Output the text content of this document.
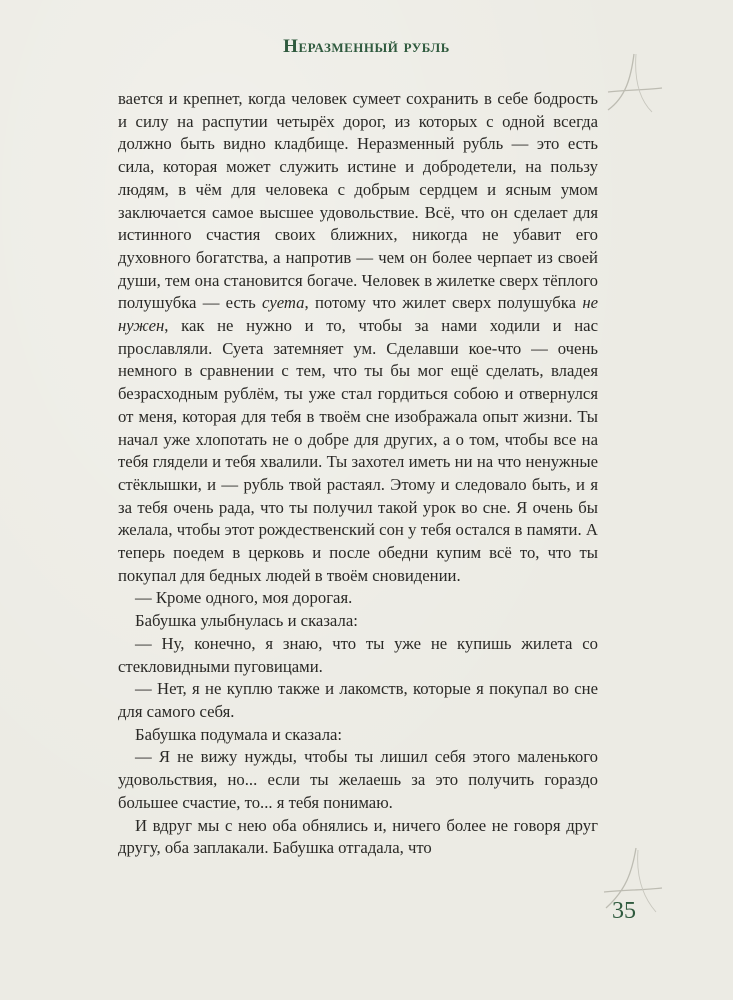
Неразменный рубль

вается и крепнет, когда человек сумеет сохранить в себе бодрость и силу на распутии четырёх дорог, из которых с одной всегда должно быть видно кладбище. Неразменный рубль — это есть сила, которая может служить истине и добродетели, на пользу людям, в чём для человека с добрым сердцем и ясным умом заключается самое высшее удовольствие. Всё, что он сделает для истинного счастия своих ближних, никогда не убавит его духовного богатства, а напротив — чем он более черпает из своей души, тем она становится богаче. Человек в жилетке сверх тёплого полушубка — есть суета, потому что жилет сверх полушубка не нужен, как не нужно и то, чтобы за нами ходили и нас прославляли. Суета затемняет ум. Сделавши кое-что — очень немного в сравнении с тем, что ты бы мог ещё сделать, владея безрасходным рублём, ты уже стал гордиться собою и отвернулся от меня, которая для тебя в твоём сне изображала опыт жизни. Ты начал уже хлопотать не о добре для других, а о том, чтобы все на тебя глядели и тебя хвалили. Ты захотел иметь ни на что ненужные стёклышки, и — рубль твой растаял. Этому и следовало быть, и я за тебя очень рада, что ты получил такой урок во сне. Я очень бы желала, чтобы этот рождественский сон у тебя остался в памяти. А теперь поедем в церковь и после обедни купим всё то, что ты покупал для бедных людей в твоём сновидении.

— Кроме одного, моя дорогая.

Бабушка улыбнулась и сказала:

— Ну, конечно, я знаю, что ты уже не купишь жилета со стекловидными пуговицами.

— Нет, я не куплю также и лакомств, которые я покупал во сне для самого себя.

Бабушка подумала и сказала:

— Я не вижу нужды, чтобы ты лишил себя этого маленького удовольствия, но... если ты желаешь за это получить гораздо большее счастие, то... я тебя понимаю.

И вдруг мы с нею оба обнялись и, ничего более не говоря друг другу, оба заплакали. Бабушка отгадала, что

35
